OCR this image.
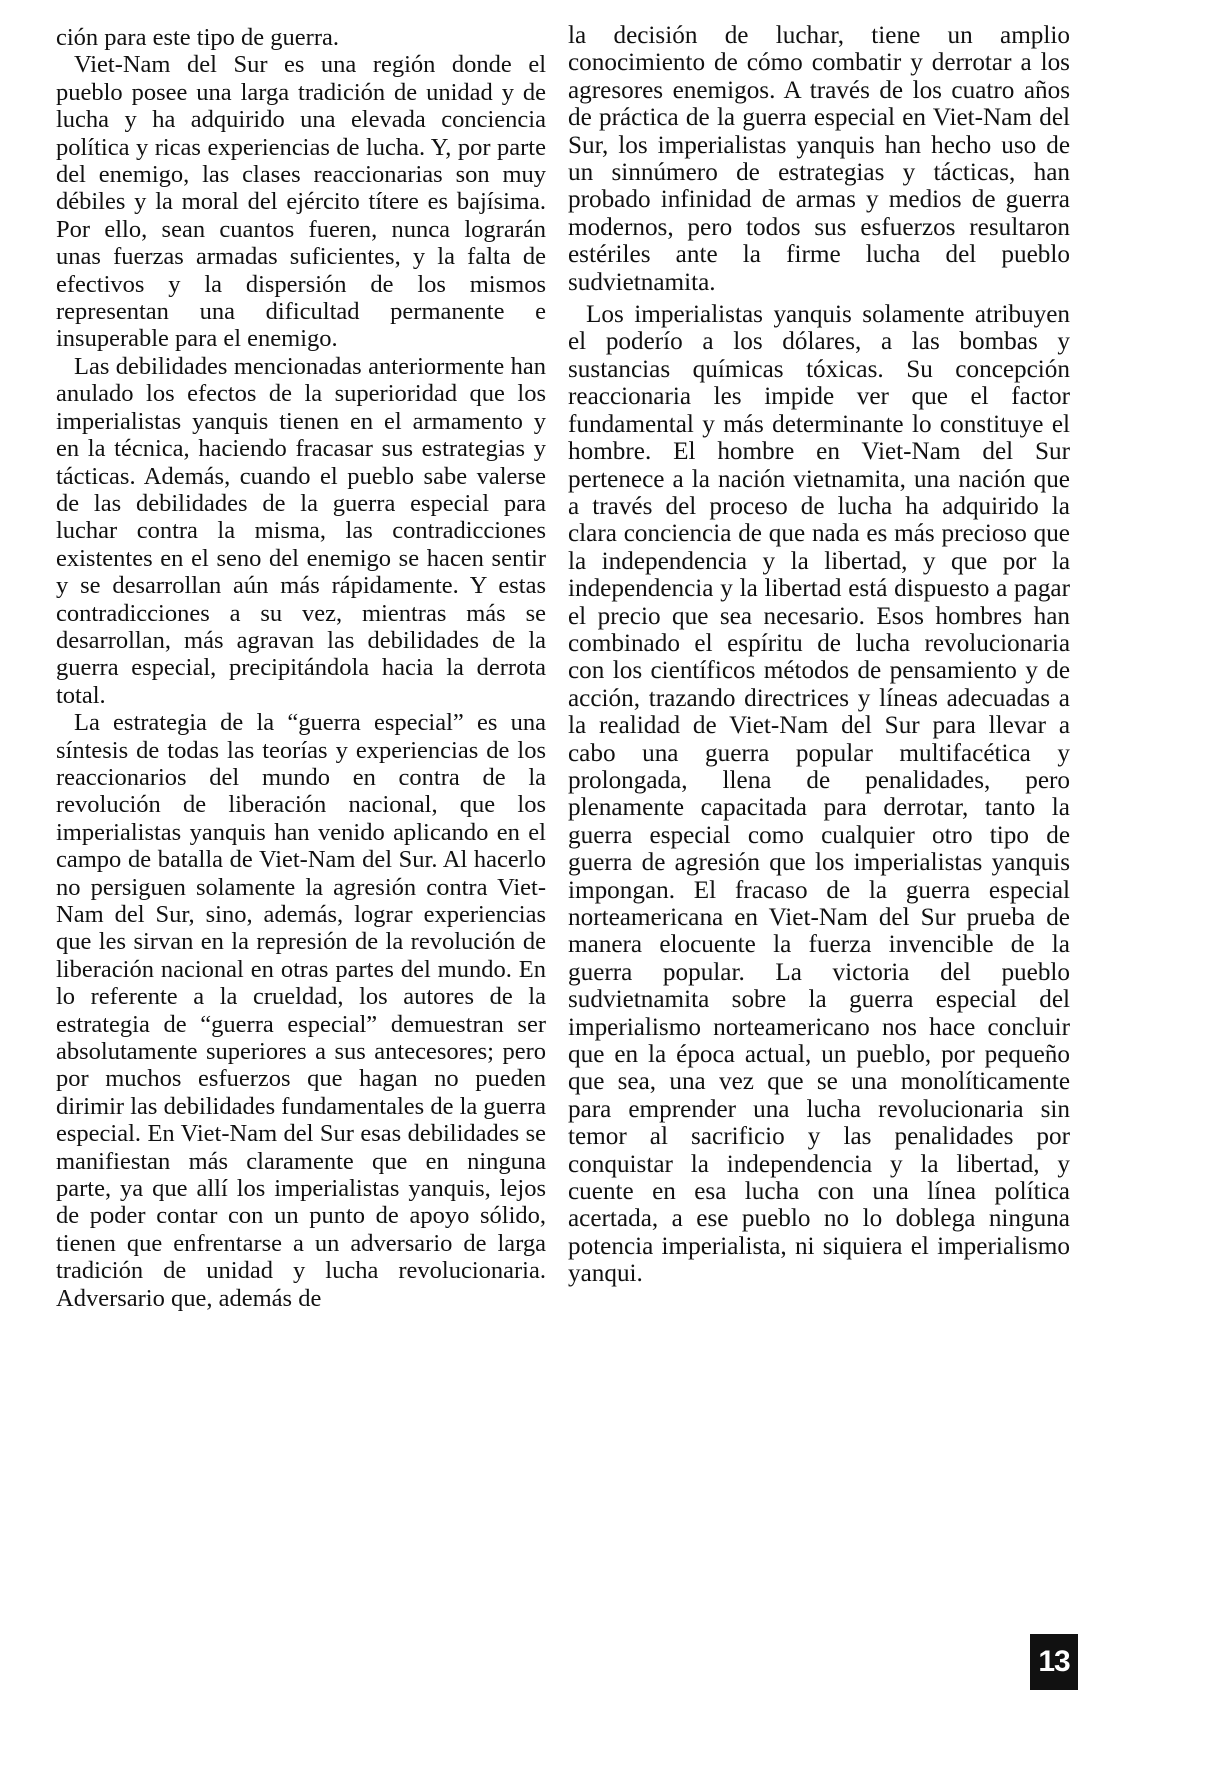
ción para este tipo de guerra.

Viet-Nam del Sur es una región donde el pueblo posee una larga tradición de unidad y de lucha y ha adquirido una elevada conciencia política y ricas experiencias de lucha. Y, por parte del enemigo, las clases reaccionarias son muy débiles y la moral del ejército títere es bajísima. Por ello, sean cuantos fueren, nunca lograrán unas fuerzas armadas suficientes, y la falta de efectivos y la dispersión de los mismos representan una dificultad permanente e insuperable para el enemigo.

Las debilidades mencionadas anteriormente han anulado los efectos de la superioridad que los imperialistas yanquis tienen en el armamento y en la técnica, haciendo fracasar sus estrategias y tácticas. Además, cuando el pueblo sabe valerse de las debilidades de la guerra especial para luchar contra la misma, las contradicciones existentes en el seno del enemigo se hacen sentir y se desarrollan aún más rápidamente. Y estas contradicciones a su vez, mientras más se desarrollan, más agravan las debilidades de la guerra especial, precipitándola hacia la derrota total.

La estrategia de la “guerra especial” es una síntesis de todas las teorías y experiencias de los reaccionarios del mundo en contra de la revolución de liberación nacional, que los imperialistas yanquis han venido aplicando en el campo de batalla de Viet-Nam del Sur. Al hacerlo no persiguen solamente la agresión contra Viet-Nam del Sur, sino, además, lograr experiencias que les sirvan en la represión de la revolución de liberación nacional en otras partes del mundo. En lo referente a la crueldad, los autores de la estrategia de “guerra especial” demuestran ser absolutamente superiores a sus antecesores; pero por muchos esfuerzos que hagan no pueden dirimir las debilidades fundamentales de la guerra especial. En Viet-Nam del Sur esas debilidades se manifiestan más claramente que en ninguna parte, ya que allí los imperialistas yanquis, lejos de poder contar con un punto de apoyo sólido, tienen que enfrentarse a un adversario de larga tradición de unidad y lucha revolucionaria. Adversario que, además de

la decisión de luchar, tiene un amplio conocimiento de cómo combatir y derrotar a los agresores enemigos. A través de los cuatro años de práctica de la guerra especial en Viet-Nam del Sur, los imperialistas yanquis han hecho uso de un sinnúmero de estrategias y tácticas, han probado infinidad de armas y medios de guerra modernos, pero todos sus esfuerzos resultaron estériles ante la firme lucha del pueblo sudvietnamita.

Los imperialistas yanquis solamente atribuyen el poderío a los dólares, a las bombas y sustancias químicas tóxicas. Su concepción reaccionaria les impide ver que el factor fundamental y más determinante lo constituye el hombre. El hombre en Viet-Nam del Sur pertenece a la nación vietnamita, una nación que a través del proceso de lucha ha adquirido la clara conciencia de que nada es más precioso que la independencia y la libertad, y que por la independencia y la libertad está dispuesto a pagar el precio que sea necesario. Esos hombres han combinado el espíritu de lucha revolucionaria con los científicos métodos de pensamiento y de acción, trazando directrices y líneas adecuadas a la realidad de Viet-Nam del Sur para llevar a cabo una guerra popular multifacética y prolongada, llena de penalidades, pero plenamente capacitada para derrotar, tanto la guerra especial como cualquier otro tipo de guerra de agresión que los imperialistas yanquis impongan. El fracaso de la guerra especial norteamericana en Viet-Nam del Sur prueba de manera elocuente la fuerza invencible de la guerra popular. La victoria del pueblo sudvietnamita sobre la guerra especial del imperialismo norteamericano nos hace concluir que en la época actual, un pueblo, por pequeño que sea, una vez que se una monolíticamente para emprender una lucha revolucionaria sin temor al sacrificio y las penalidades por conquistar la independencia y la libertad, y cuente en esa lucha con una línea política acertada, a ese pueblo no lo doblega ninguna potencia imperialista, ni siquiera el imperialismo yanqui.

13
